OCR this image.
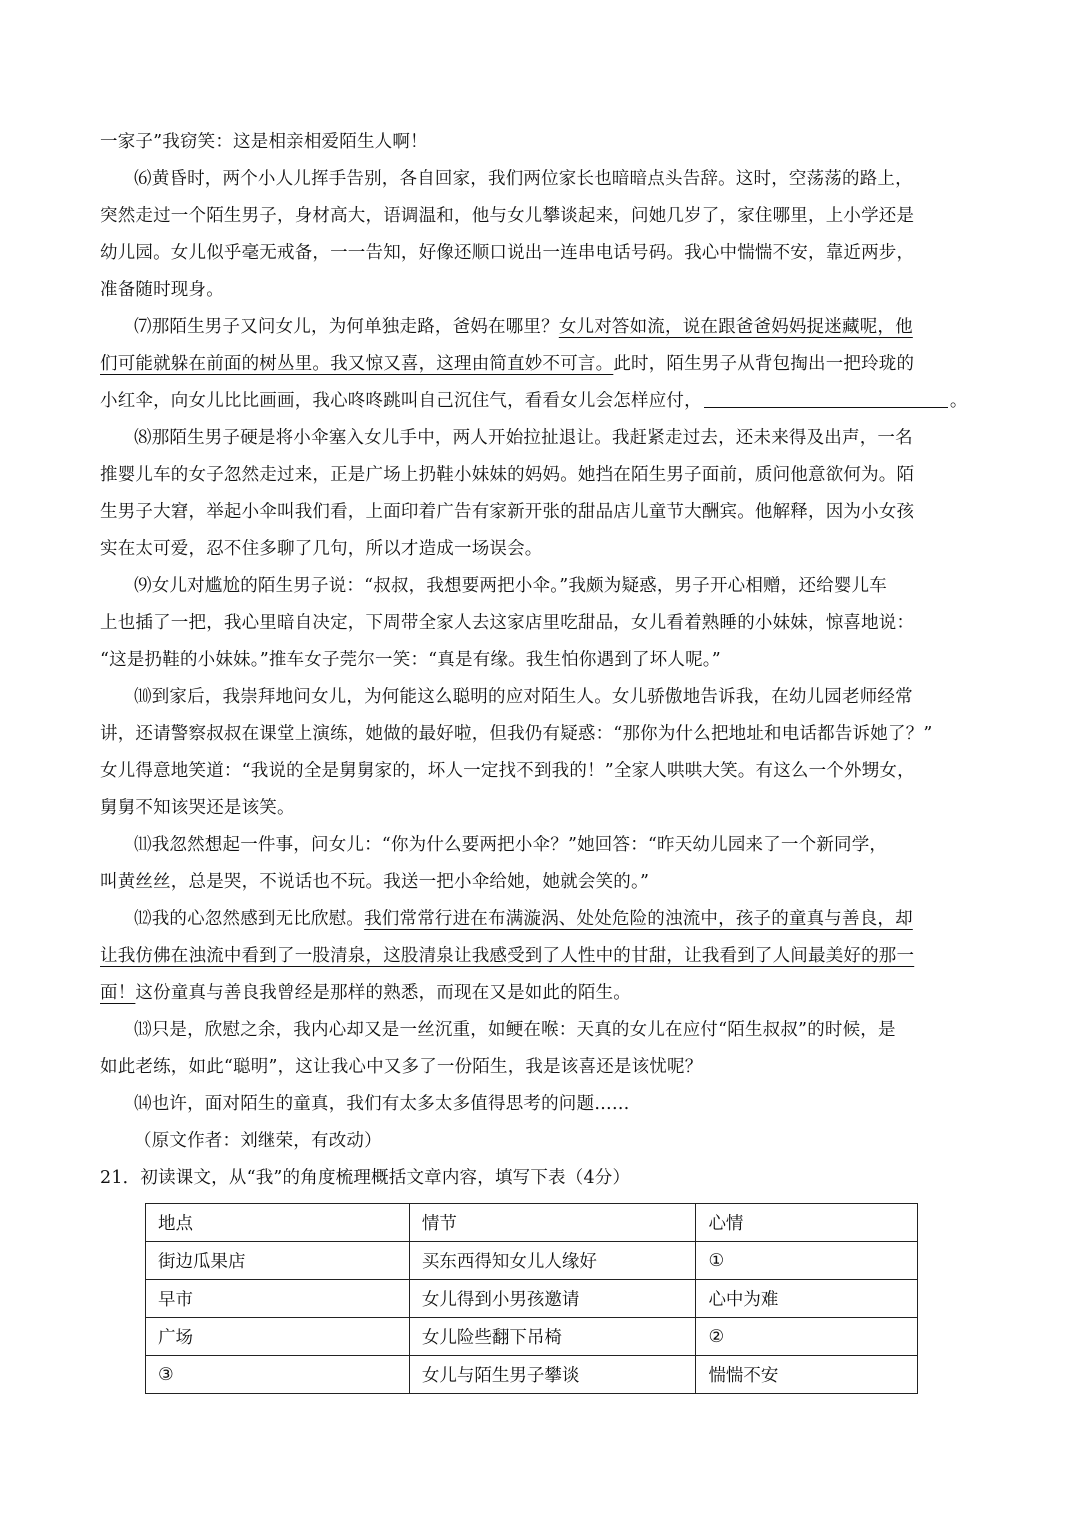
一家子”我窃笑：这是相亲相爱陌生人啊！
⑹黄昏时，两个小人儿挥手告别，各自回家，我们两位家长也暗暗点头告辞。这时，空荡荡的路上，
突然走过一个陌生男子，身材高大，语调温和，他与女儿攀谈起来，问她几岁了，家住哪里，上小学还是
幼儿园。女儿似乎毫无戒备，一一告知，好像还顺口说出一连串电话号码。我心中惴惴不安，靠近两步，
准备随时现身。
⑺那陌生男子又问女儿，为何单独走路，爸妈在哪里？女儿对答如流，说在跟爸爸妈妈捉迷藏呢，他
们可能就躲在前面的树丛里。我又惊又喜，这理由简直妙不可言。此时，陌生男子从背包掏出一把玲珑的
小红伞，向女儿比比画画，我心咚咚跳叫自己沉住气，看看女儿会怎样应付，	。
⑻那陌生男子硬是将小伞塞入女儿手中，两人开始拉扯退让。我赶紧走过去，还未来得及出声，一名
推婴儿车的女子忽然走过来，正是广场上扔鞋小妹妹的妈妈。她挡在陌生男子面前，质问他意欲何为。陌
生男子大窘，举起小伞叫我们看，上面印着广告有家新开张的甜品店儿童节大酬宾。他解释，因为小女孩
实在太可爱，忍不住多聊了几句，所以才造成一场误会。
⑼女儿对尴尬的陌生男子说：“叔叔，我想要两把小伞。”我颇为疑惑，男子开心相赠，还给婴儿车
上也插了一把，我心里暗自决定，下周带全家人去这家店里吃甜品，女儿看着熟睡的小妹妹，惊喜地说：
“这是扔鞋的小妹妹。”推车女子莞尔一笑：“真是有缘。我生怕你遇到了坏人呢。”
⑽到家后，我崇拜地问女儿，为何能这么聪明的应对陌生人。女儿骄傲地告诉我，在幼儿园老师经常
讲，还请警察叔叔在课堂上演练，她做的最好啦，但我仍有疑惑：“那你为什么把地址和电话都告诉她了？”
女儿得意地笑道：“我说的全是舅舅家的，坏人一定找不到我的！”全家人哄哄大笑。有这么一个外甥女，
舅舅不知该哭还是该笑。
⑾我忽然想起一件事，问女儿：“你为什么要两把小伞？”她回答：“昨天幼儿园来了一个新同学，
叫黄丝丝，总是哭，不说话也不玩。我送一把小伞给她，她就会笑的。”
⑿我的心忽然感到无比欣慰。我们常常行进在布满漩涡、处处危险的浊流中，孩子的童真与善良，却
让我仿佛在浊流中看到了一股清泉，这股清泉让我感受到了人性中的甘甜，让我看到了人间最美好的那一
面！这份童真与善良我曾经是那样的熟悉，而现在又是如此的陌生。
⒀只是，欣慰之余，我内心却又是一丝沉重，如鲠在喉：天真的女儿在应付“陌生叔叔”的时候，是
如此老练，如此“聪明”，这让我心中又多了一份陌生，我是该喜还是该忧呢？
⒁也许，面对陌生的童真，我们有太多太多值得思考的问题……
（原文作者：刘继荣，有改动）
21．初读课文，从“我”的角度梳理概括文章内容，填写下表（4分）
地点	情节	心情
街边瓜果店	买东西得知女儿人缘好	①
早市	女儿得到小男孩邀请	心中为难
广场	女儿险些翻下吊椅	②
③	女儿与陌生男子攀谈	惴惴不安
